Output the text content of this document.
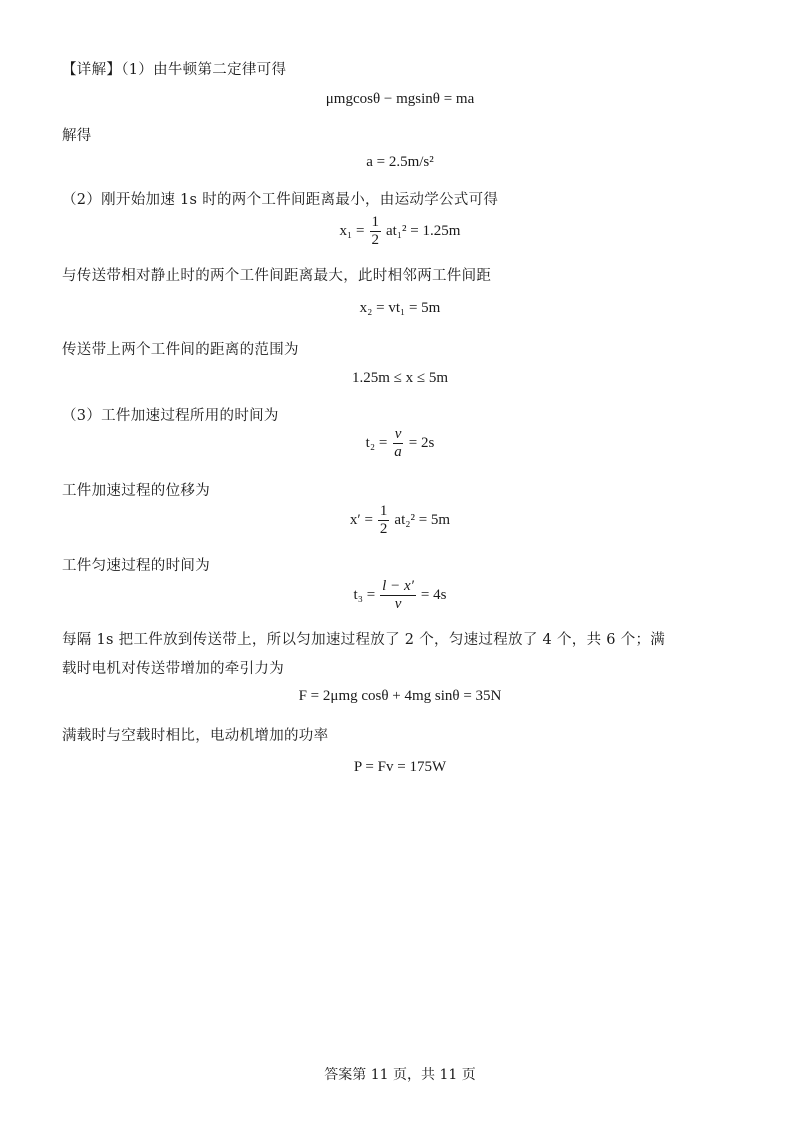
【详解】（1）由牛顿第二定律可得
μmgcosθ − mgsinθ = ma
解得
a = 2.5m/s²
（2）刚开始加速 1s 时的两个工件间距离最小，由运动学公式可得
$x_1 = \frac{1}{2} at_1^2 = 1.25m$
与传送带相对静止时的两个工件间距离最大，此时相邻两工件间距
x₂ = vt₁ = 5m
传送带上两个工件间的距离的范围为
1.25m ≤ x ≤ 5m
（3）工件加速过程所用的时间为
$t_2 = \frac{v}{a} = 2s$
工件加速过程的位移为
$x' = \frac{1}{2} at_2^2 = 5m$
工件匀速过程的时间为
$t_3 = \frac{l - x'}{v} = 4s$
每隔 1s 把工件放到传送带上，所以匀加速过程放了 2 个，匀速过程放了 4 个，共 6 个；满
载时电机对传送带增加的牵引力为
F = 2μmg cosθ + 4mg sinθ = 35N
满载时与空载时相比，电动机增加的功率
P = Fv = 175W
答案第 11 页，共 11 页
